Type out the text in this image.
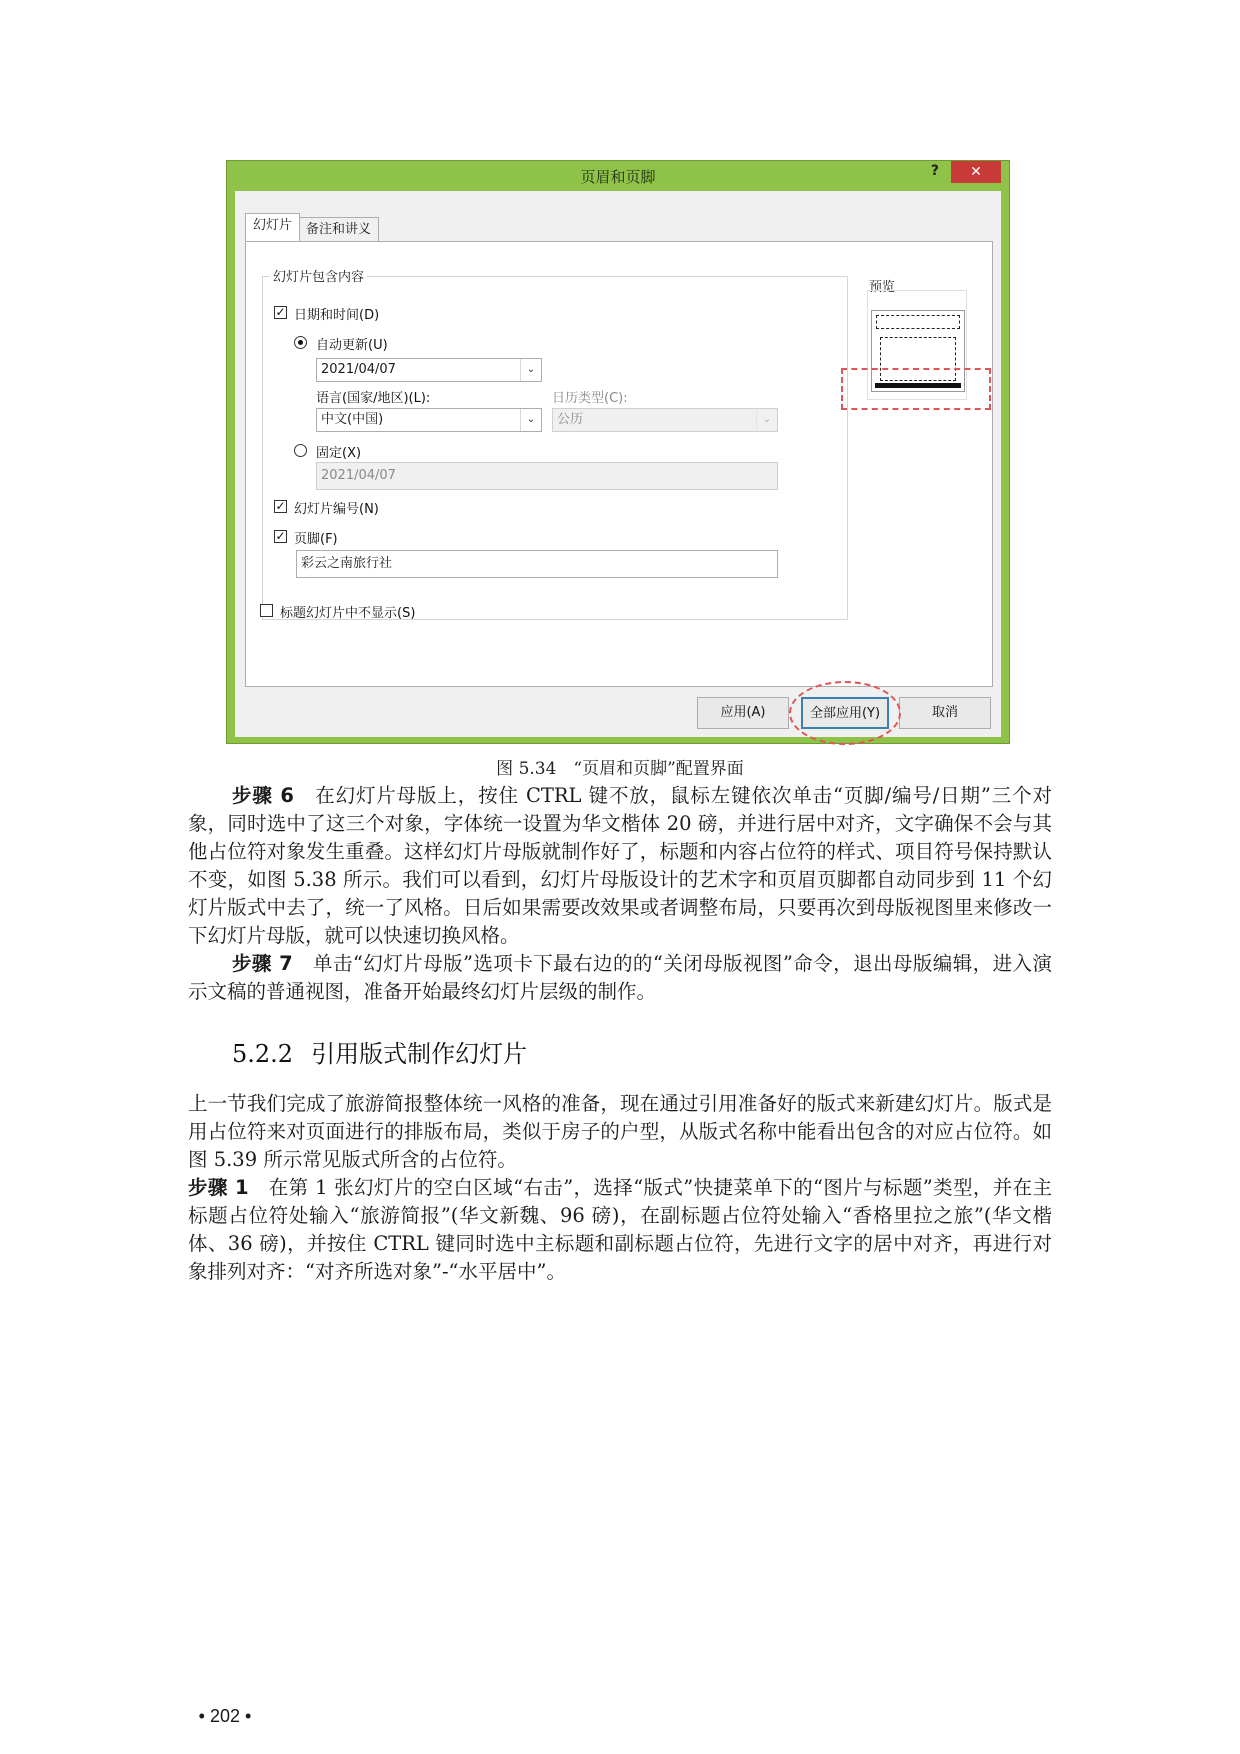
页眉和页脚	?	✕
幻灯片	备注和讲义
幻灯片包含内容
✓ 日期和时间(D)
自动更新(U)
2021/04/07	⌄
语言(国家/地区)(L):	日历类型(C):
中文(中国)	⌄	公历	⌄
固定(X)
2021/04/07
✓ 幻灯片编号(N)
✓ 页脚(F)
彩云之南旅行社
标题幻灯片中不显示(S)
预览
应用(A)	全部应用(Y)	取消
图 5.34　“页眉和页脚”配置界面
步骤 6　在幻灯片母版上，按住 CTRL 键不放，鼠标左键依次单击“页脚/编号/日期”三个对象，同时选中了这三个对象，字体统一设置为华文楷体 20 磅，并进行居中对齐，文字确保不会与其他占位符对象发生重叠。这样幻灯片母版就制作好了，标题和内容占位符的样式、项目符号保持默认不变，如图 5.38 所示。我们可以看到，幻灯片母版设计的艺术字和页眉页脚都自动同步到 11 个幻灯片版式中去了，统一了风格。日后如果需要改效果或者调整布局，只要再次到母版视图里来修改一下幻灯片母版，就可以快速切换风格。
步骤 7　单击“幻灯片母版”选项卡下最右边的的“关闭母版视图”命令，退出母版编辑，进入演示文稿的普通视图，准备开始最终幻灯片层级的制作。
5.2.2 引用版式制作幻灯片
上一节我们完成了旅游简报整体统一风格的准备，现在通过引用准备好的版式来新建幻灯片。版式是用占位符来对页面进行的排版布局，类似于房子的户型，从版式名称中能看出包含的对应占位符。如图 5.39 所示常见版式所含的占位符。
步骤 1　在第 1 张幻灯片的空白区域“右击”，选择“版式”快捷菜单下的“图片与标题”类型，并在主标题占位符处输入“旅游简报”(华文新魏、96 磅)，在副标题占位符处输入“香格里拉之旅”(华文楷体、36 磅)，并按住 CTRL 键同时选中主标题和副标题占位符，先进行文字的居中对齐，再进行对象排列对齐：“对齐所选对象”-“水平居中”。
• 202 •
